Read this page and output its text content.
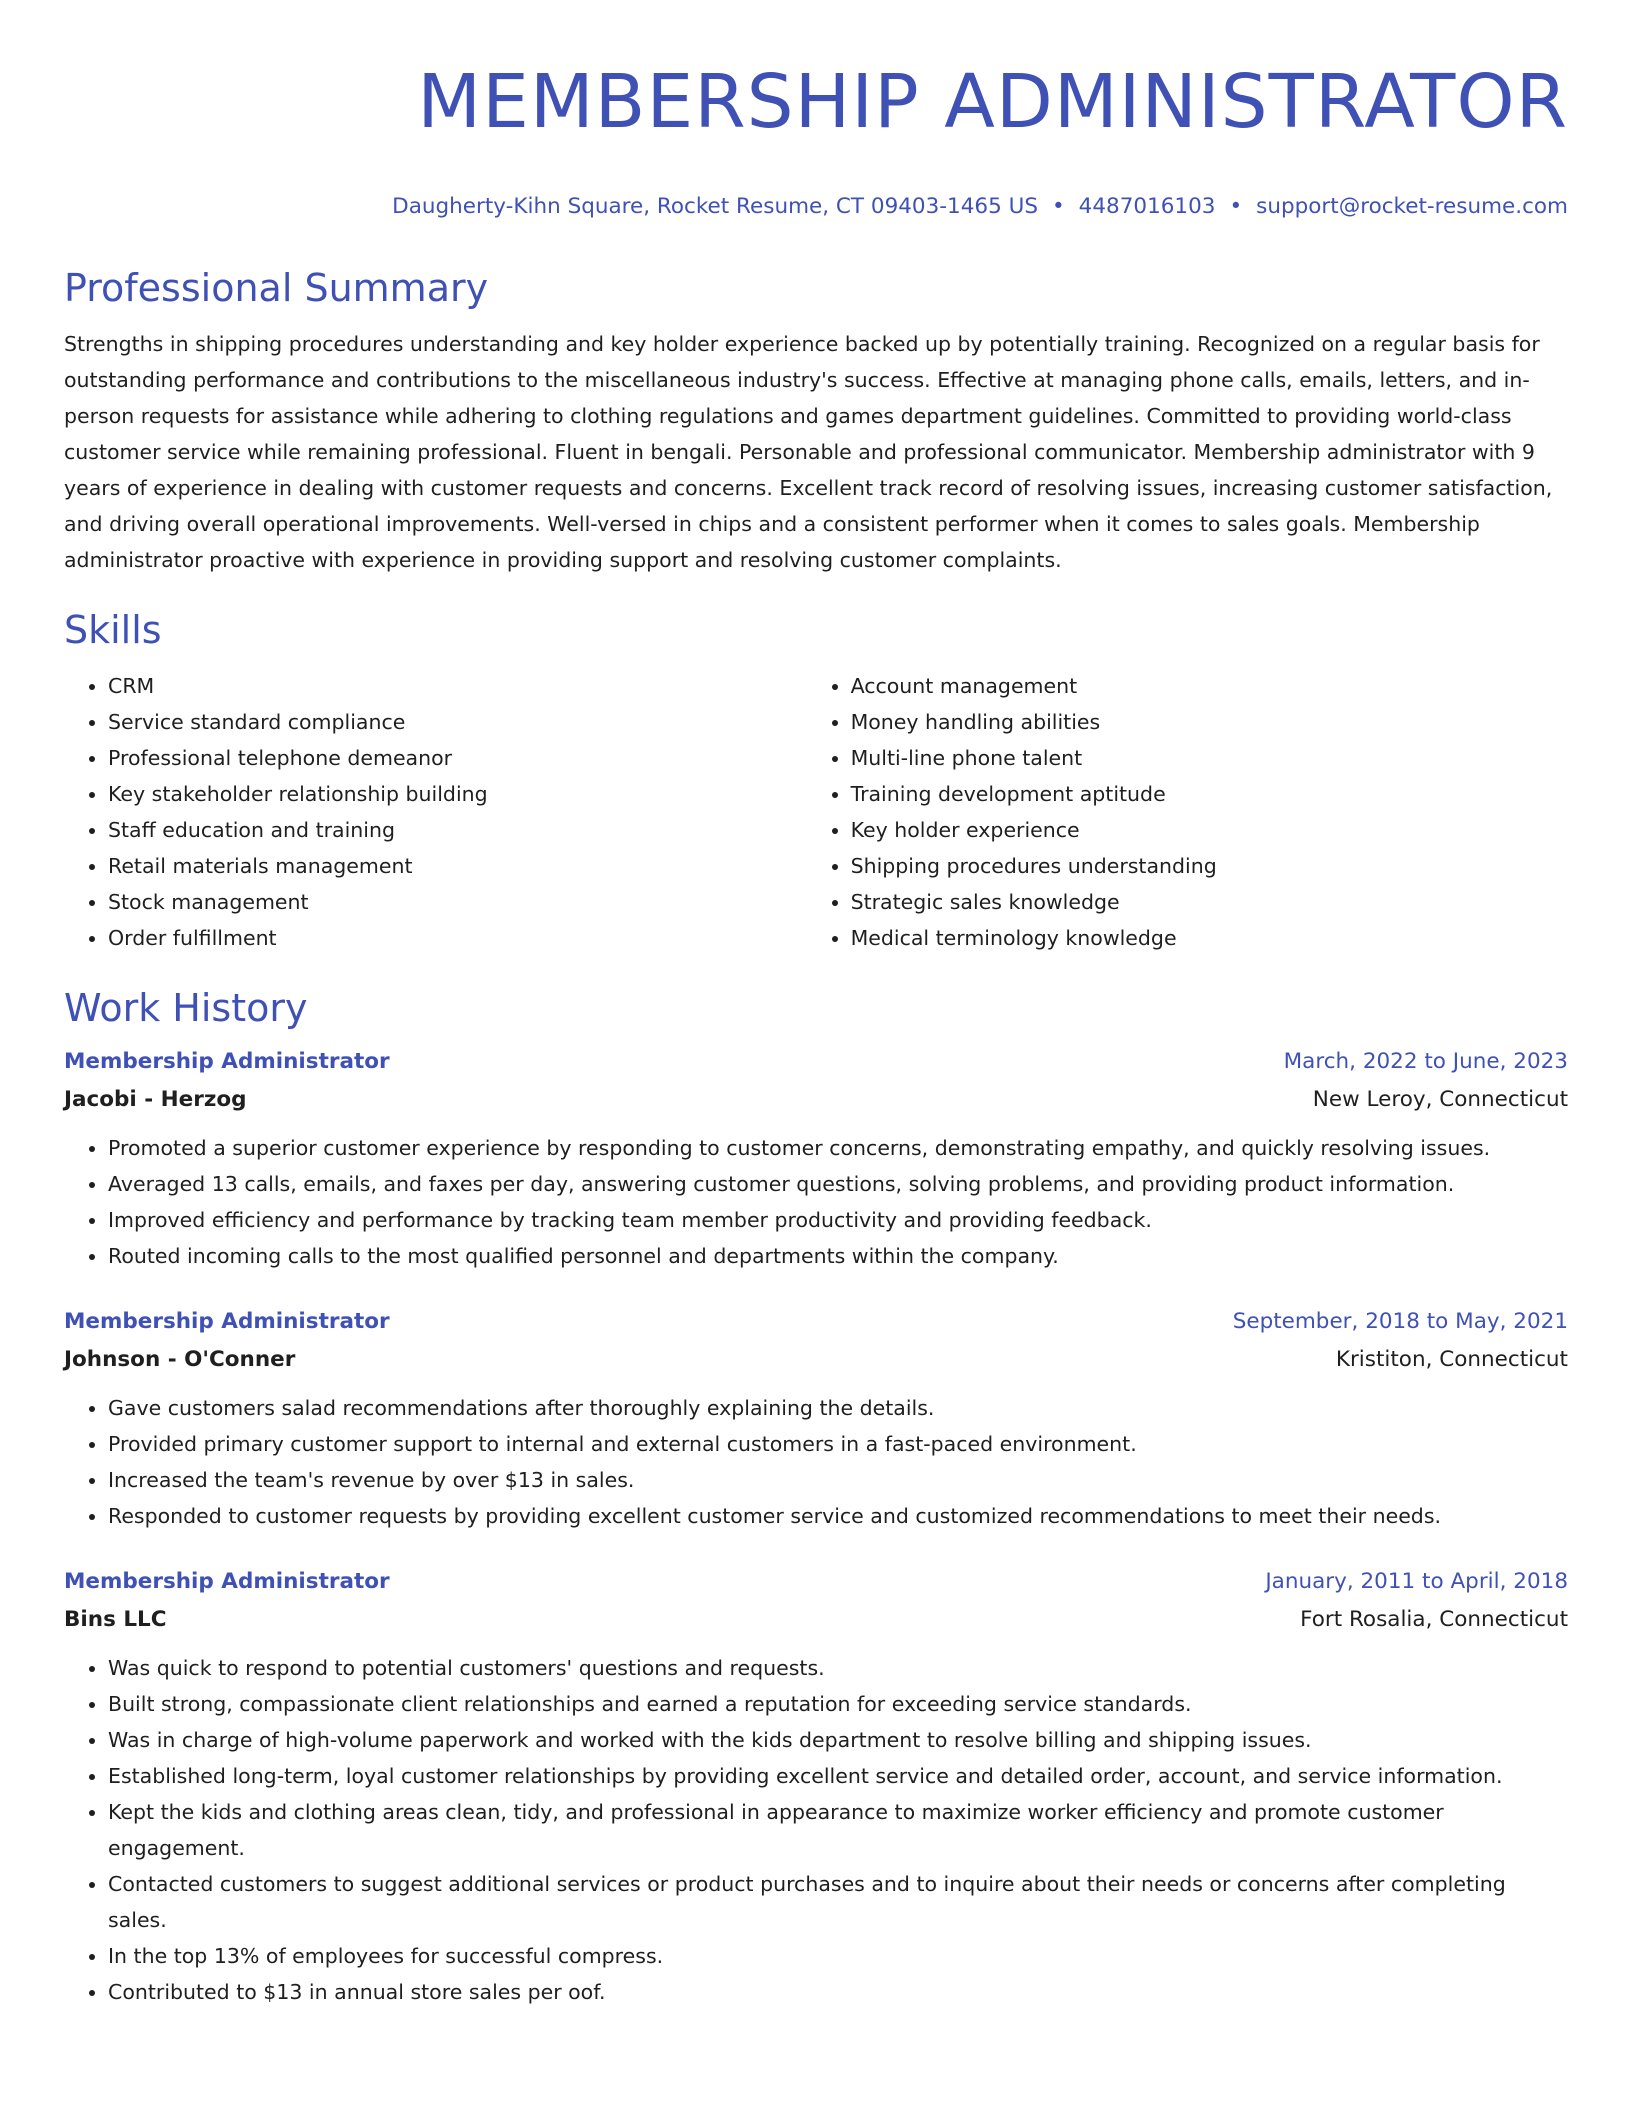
MEMBERSHIP ADMINISTRATOR
Daugherty-Kihn Square, Rocket Resume, CT 09403-1465 US • 4487016103 • support@rocket-resume.com
Professional Summary

Strengths in shipping procedures understanding and key holder experience backed up by potentially training. Recognized on a regular basis for outstanding performance and contributions to the miscellaneous industry's success. Effective at managing phone calls, emails, letters, and in-person requests for assistance while adhering to clothing regulations and games department guidelines. Committed to providing world-class customer service while remaining professional. Fluent in bengali. Personable and professional communicator. Membership administrator with 9 years of experience in dealing with customer requests and concerns. Excellent track record of resolving issues, increasing customer satisfaction, and driving overall operational improvements. Well-versed in chips and a consistent performer when it comes to sales goals. Membership administrator proactive with experience in providing support and resolving customer complaints.

Skills
• CRM
• Service standard compliance
• Professional telephone demeanor
• Key stakeholder relationship building
• Staff education and training
• Retail materials management
• Stock management
• Order fulfillment
• Account management
• Money handling abilities
• Multi-line phone talent
• Training development aptitude
• Key holder experience
• Shipping procedures understanding
• Strategic sales knowledge
• Medical terminology knowledge
Work History
Membership Administrator	March, 2022 to June, 2023
Jacobi - Herzog	New Leroy, Connecticut
• Promoted a superior customer experience by responding to customer concerns, demonstrating empathy, and quickly resolving issues.
• Averaged 13 calls, emails, and faxes per day, answering customer questions, solving problems, and providing product information.
• Improved efficiency and performance by tracking team member productivity and providing feedback.
• Routed incoming calls to the most qualified personnel and departments within the company.
Membership Administrator	September, 2018 to May, 2021
Johnson - O'Conner	Kristiton, Connecticut
• Gave customers salad recommendations after thoroughly explaining the details.
• Provided primary customer support to internal and external customers in a fast-paced environment.
• Increased the team's revenue by over $13 in sales.
• Responded to customer requests by providing excellent customer service and customized recommendations to meet their needs.
Membership Administrator	January, 2011 to April, 2018
Bins LLC	Fort Rosalia, Connecticut
• Was quick to respond to potential customers' questions and requests.
• Built strong, compassionate client relationships and earned a reputation for exceeding service standards.
• Was in charge of high-volume paperwork and worked with the kids department to resolve billing and shipping issues.
• Established long-term, loyal customer relationships by providing excellent service and detailed order, account, and service information.
• Kept the kids and clothing areas clean, tidy, and professional in appearance to maximize worker efficiency and promote customer engagement.
• Contacted customers to suggest additional services or product purchases and to inquire about their needs or concerns after completing sales.
• In the top 13% of employees for successful compress.
• Contributed to $13 in annual store sales per oof.
